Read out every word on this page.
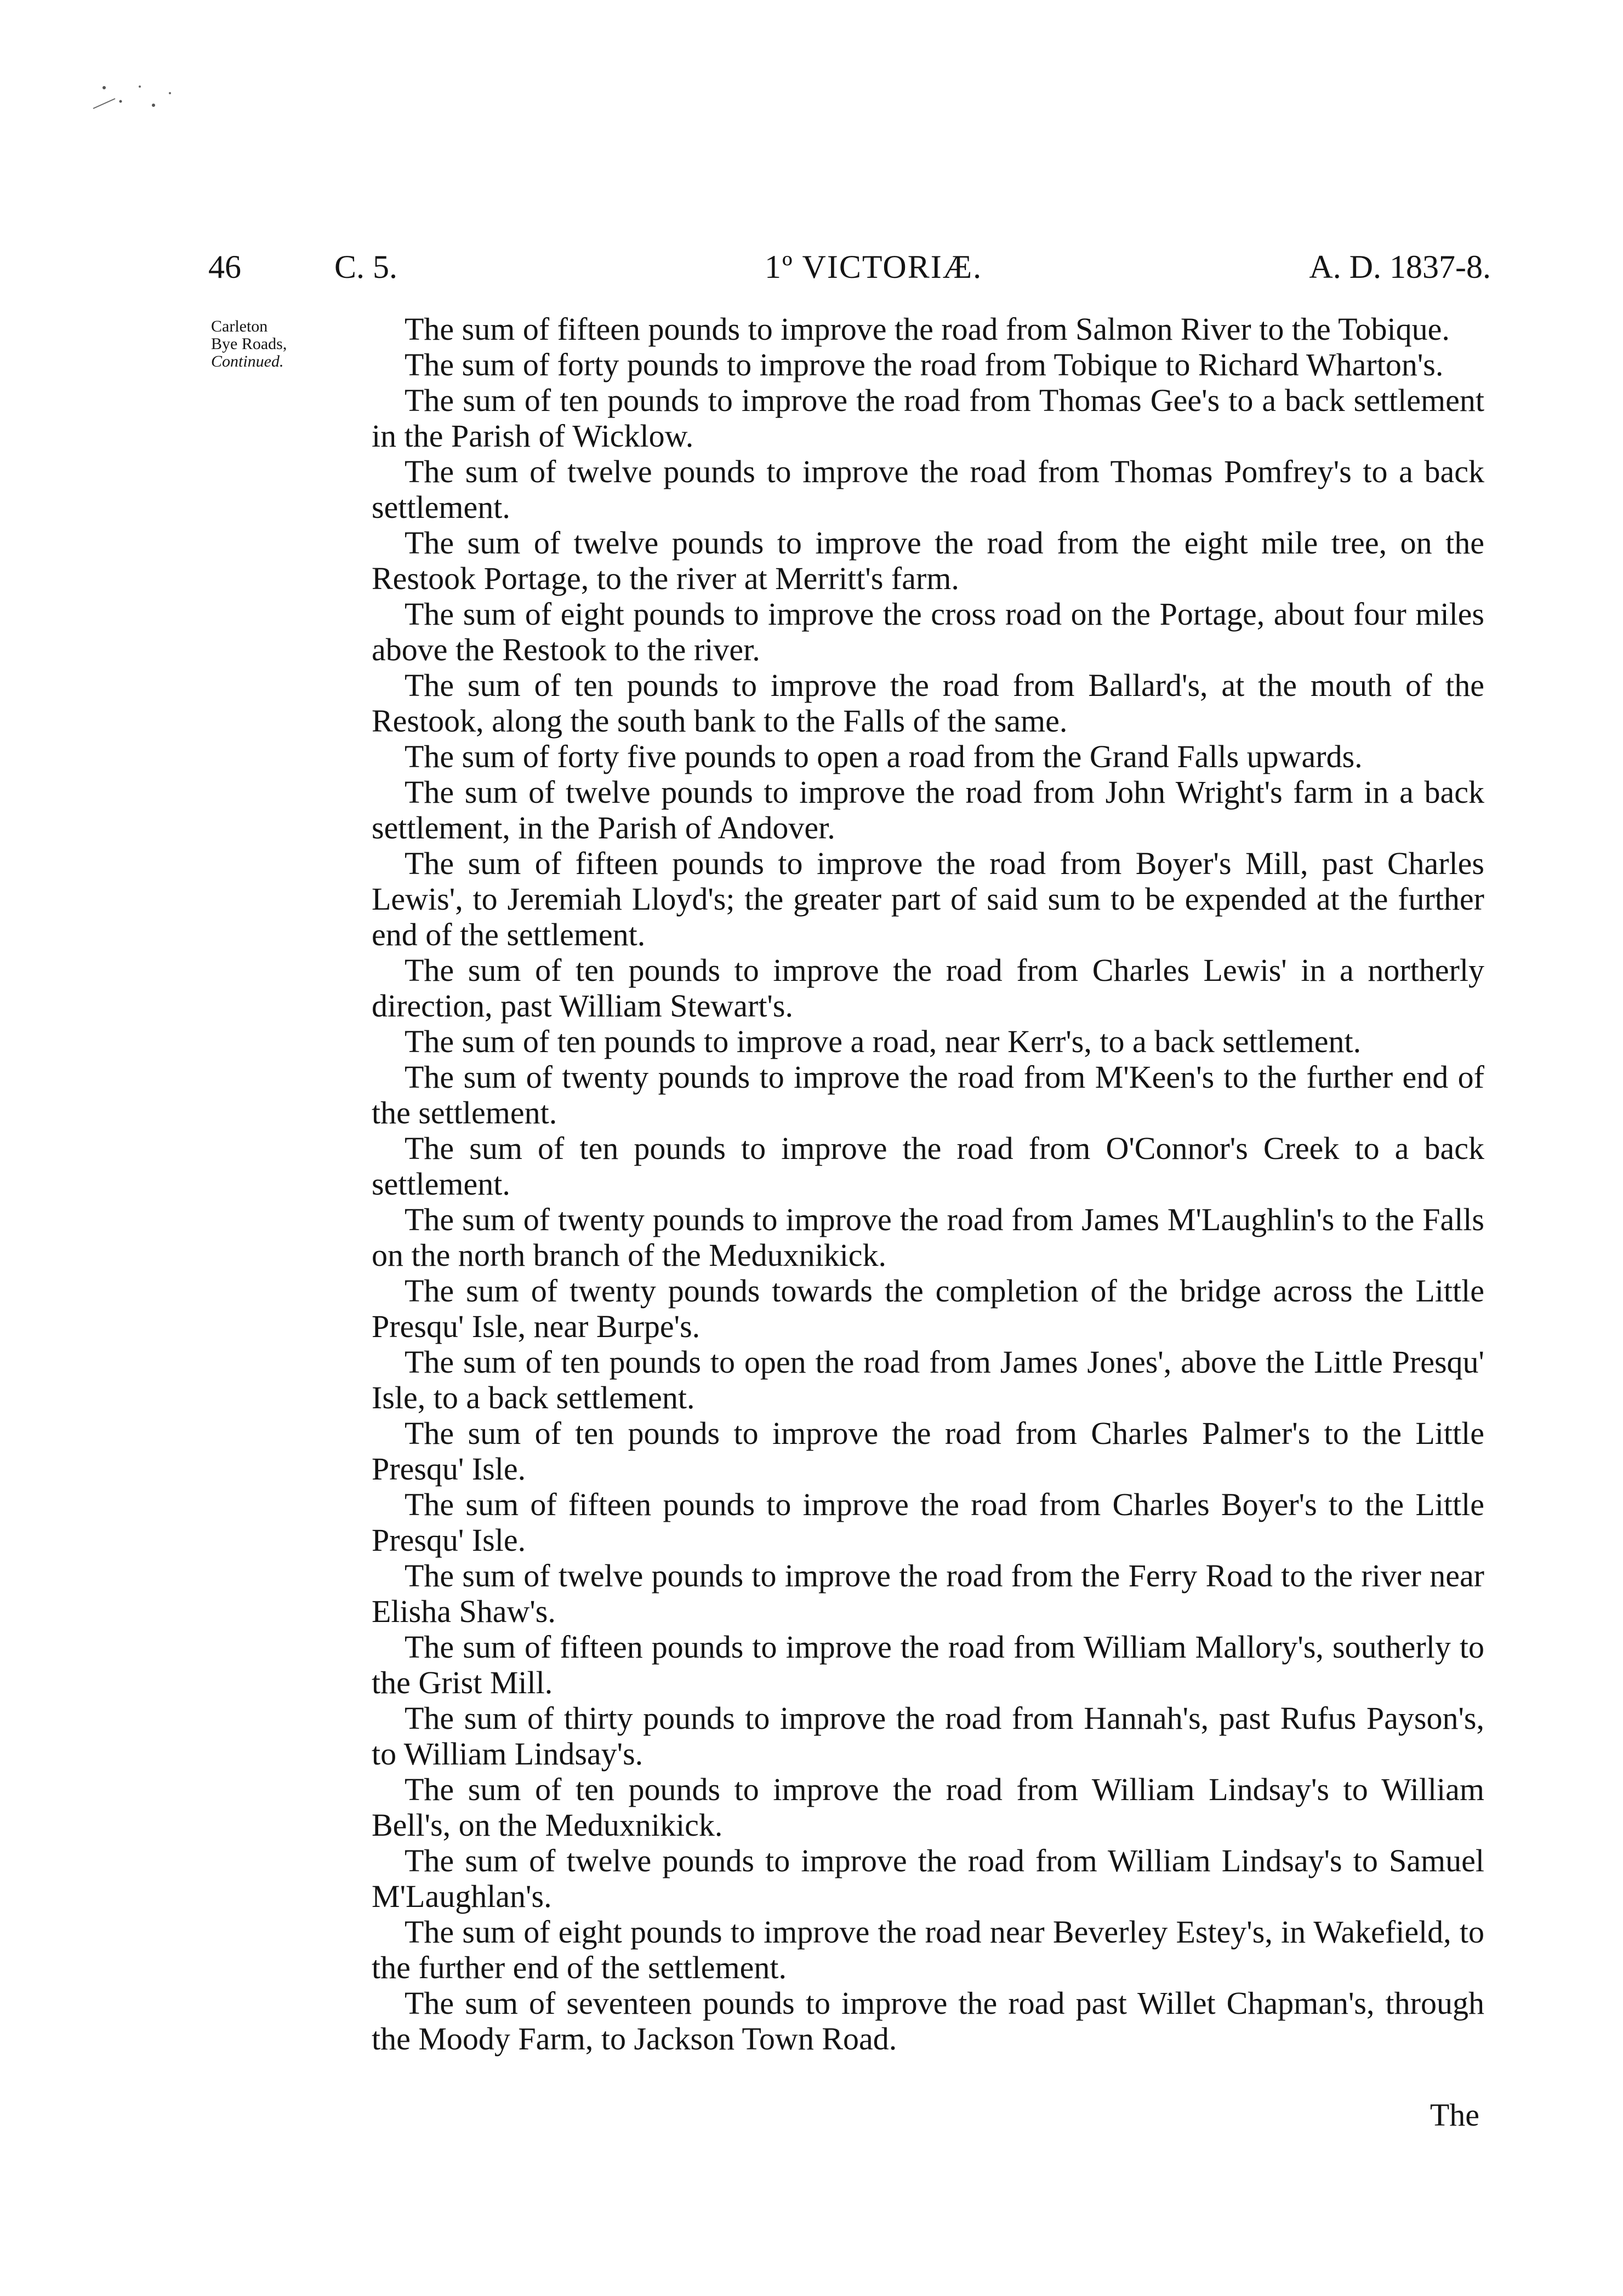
46	C. 5.	1º VICTORIÆ.	A. D. 1837-8.
Carleton
Bye Roads,
Continued.

The sum of fifteen pounds to improve the road from Salmon River to the Tobique.

The sum of forty pounds to improve the road from Tobique to Richard Wharton's.

The sum of ten pounds to improve the road from Thomas Gee's to a back settlement in the Parish of Wicklow.

The sum of twelve pounds to improve the road from Thomas Pomfrey's to a back settlement.

The sum of twelve pounds to improve the road from the eight mile tree, on the Restook Portage, to the river at Merritt's farm.

The sum of eight pounds to improve the cross road on the Portage, about four miles above the Restook to the river.

The sum of ten pounds to improve the road from Ballard's, at the mouth of the Restook, along the south bank to the Falls of the same.

The sum of forty five pounds to open a road from the Grand Falls upwards.

The sum of twelve pounds to improve the road from John Wright's farm in a back settlement, in the Parish of Andover.

The sum of fifteen pounds to improve the road from Boyer's Mill, past Charles Lewis', to Jeremiah Lloyd's; the greater part of said sum to be expended at the further end of the settlement.

The sum of ten pounds to improve the road from Charles Lewis' in a northerly direction, past William Stewart's.

The sum of ten pounds to improve a road, near Kerr's, to a back settlement.

The sum of twenty pounds to improve the road from M'Keen's to the further end of the settlement.

The sum of ten pounds to improve the road from O'Connor's Creek to a back settlement.

The sum of twenty pounds to improve the road from James M'Laughlin's to the Falls on the north branch of the Meduxnikick.

The sum of twenty pounds towards the completion of the bridge across the Little Presqu' Isle, near Burpe's.

The sum of ten pounds to open the road from James Jones', above the Little Presqu' Isle, to a back settlement.

The sum of ten pounds to improve the road from Charles Palmer's to the Little Presqu' Isle.

The sum of fifteen pounds to improve the road from Charles Boyer's to the Little Presqu' Isle.

The sum of twelve pounds to improve the road from the Ferry Road to the river near Elisha Shaw's.

The sum of fifteen pounds to improve the road from William Mallory's, southerly to the Grist Mill.

The sum of thirty pounds to improve the road from Hannah's, past Rufus Payson's, to William Lindsay's.

The sum of ten pounds to improve the road from William Lindsay's to William Bell's, on the Meduxnikick.

The sum of twelve pounds to improve the road from William Lindsay's to Samuel M'Laughlan's.

The sum of eight pounds to improve the road near Beverley Estey's, in Wakefield, to the further end of the settlement.

The sum of seventeen pounds to improve the road past Willet Chapman's, through the Moody Farm, to Jackson Town Road.

The
